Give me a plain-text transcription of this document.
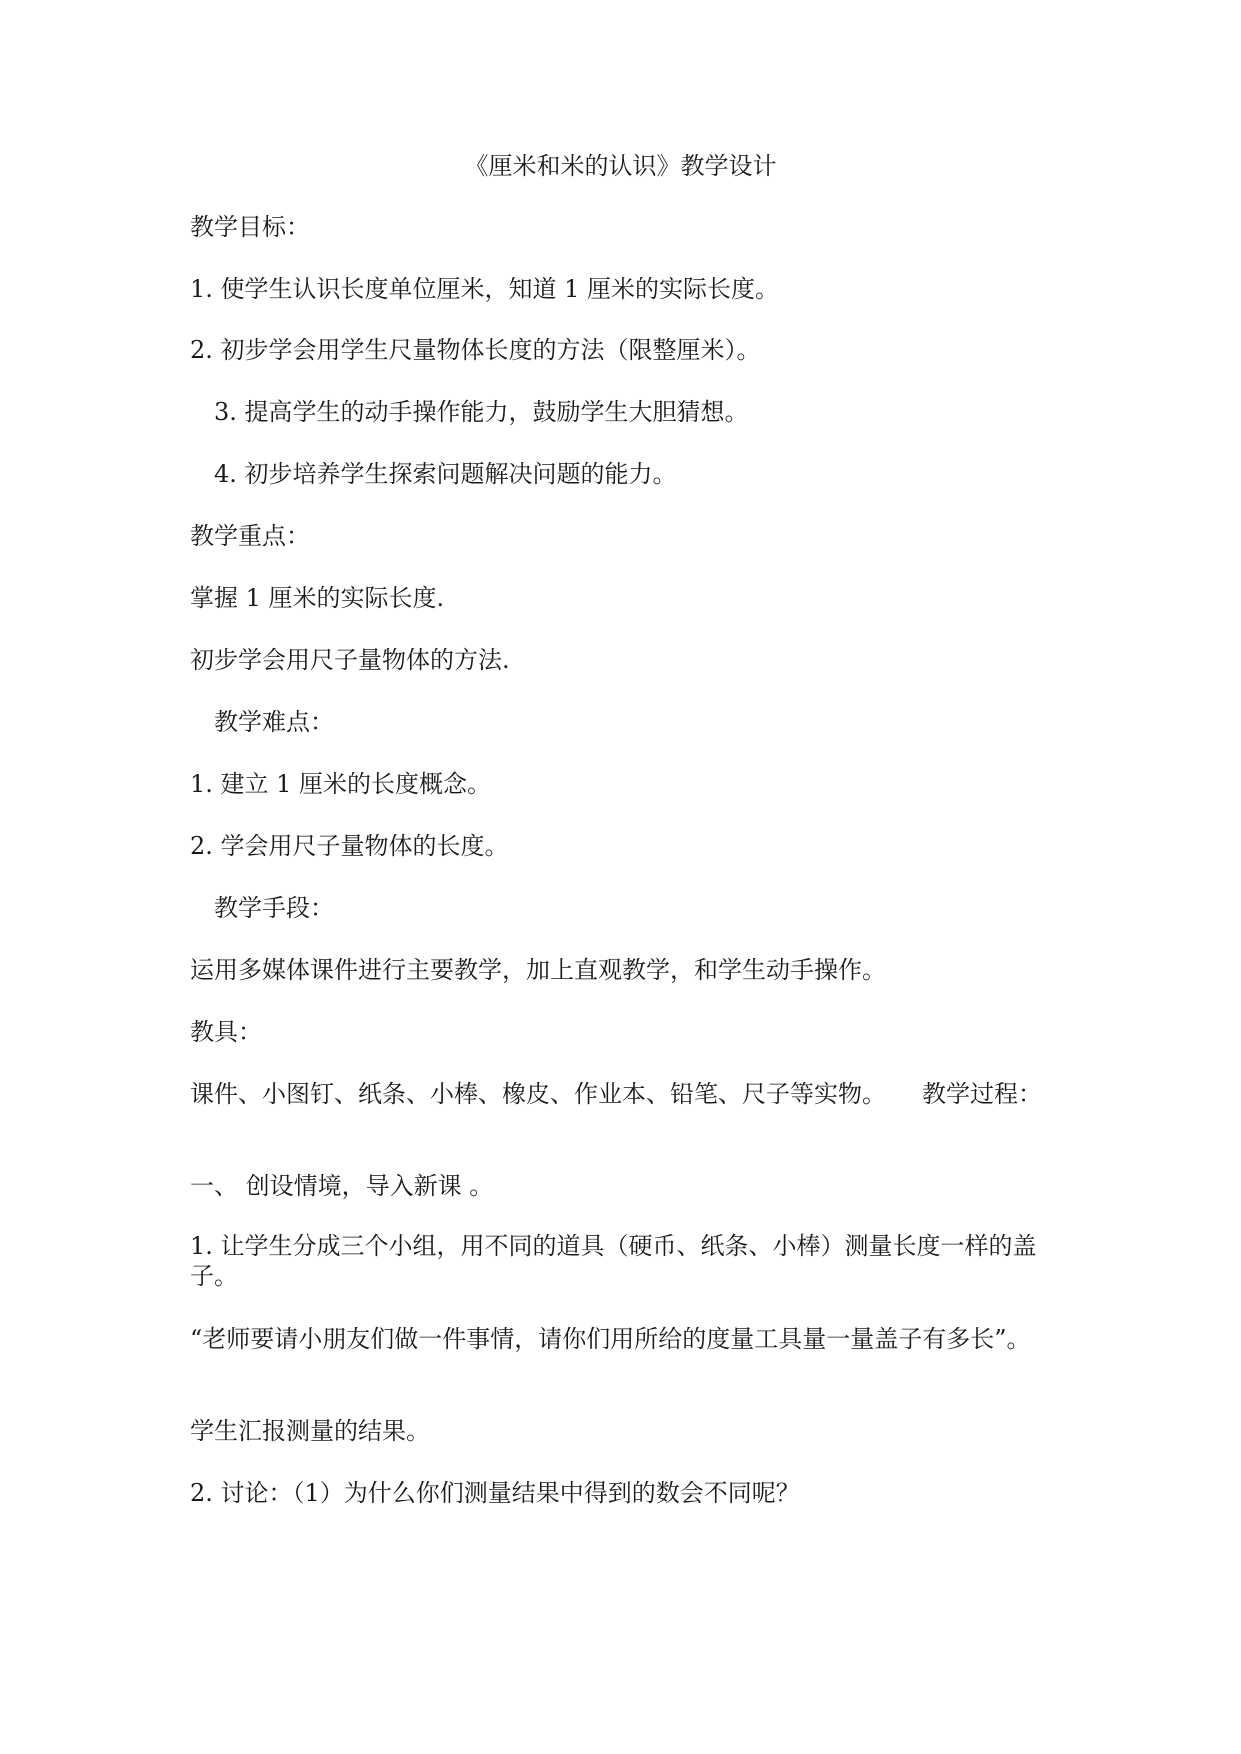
《厘米和米的认识》教学设计
教学目标：
1. 使学生认识长度单位厘米，知道 1 厘米的实际长度。
2. 初步学会用学生尺量物体长度的方法（限整厘米）。
3. 提高学生的动手操作能力，鼓励学生大胆猜想。
4. 初步培养学生探索问题解决问题的能力。
教学重点：
掌握 1 厘米的实际长度.
初步学会用尺子量物体的方法.
教学难点：
1. 建立 1 厘米的长度概念。
2. 学会用尺子量物体的长度。
教学手段：
运用多媒体课件进行主要教学，加上直观教学，和学生动手操作。
教具：
课件、小图钉、纸条、小棒、橡皮、作业本、铅笔、尺子等实物。 教学过程：
一、 创设情境，导入新课 。
1. 让学生分成三个小组，用不同的道具（硬币、纸条、小棒）测量长度一样的盖子。
“老师要请小朋友们做一件事情，请你们用所给的度量工具量一量盖子有多长”。
学生汇报测量的结果。
2. 讨论：（1）为什么你们测量结果中得到的数会不同呢？
